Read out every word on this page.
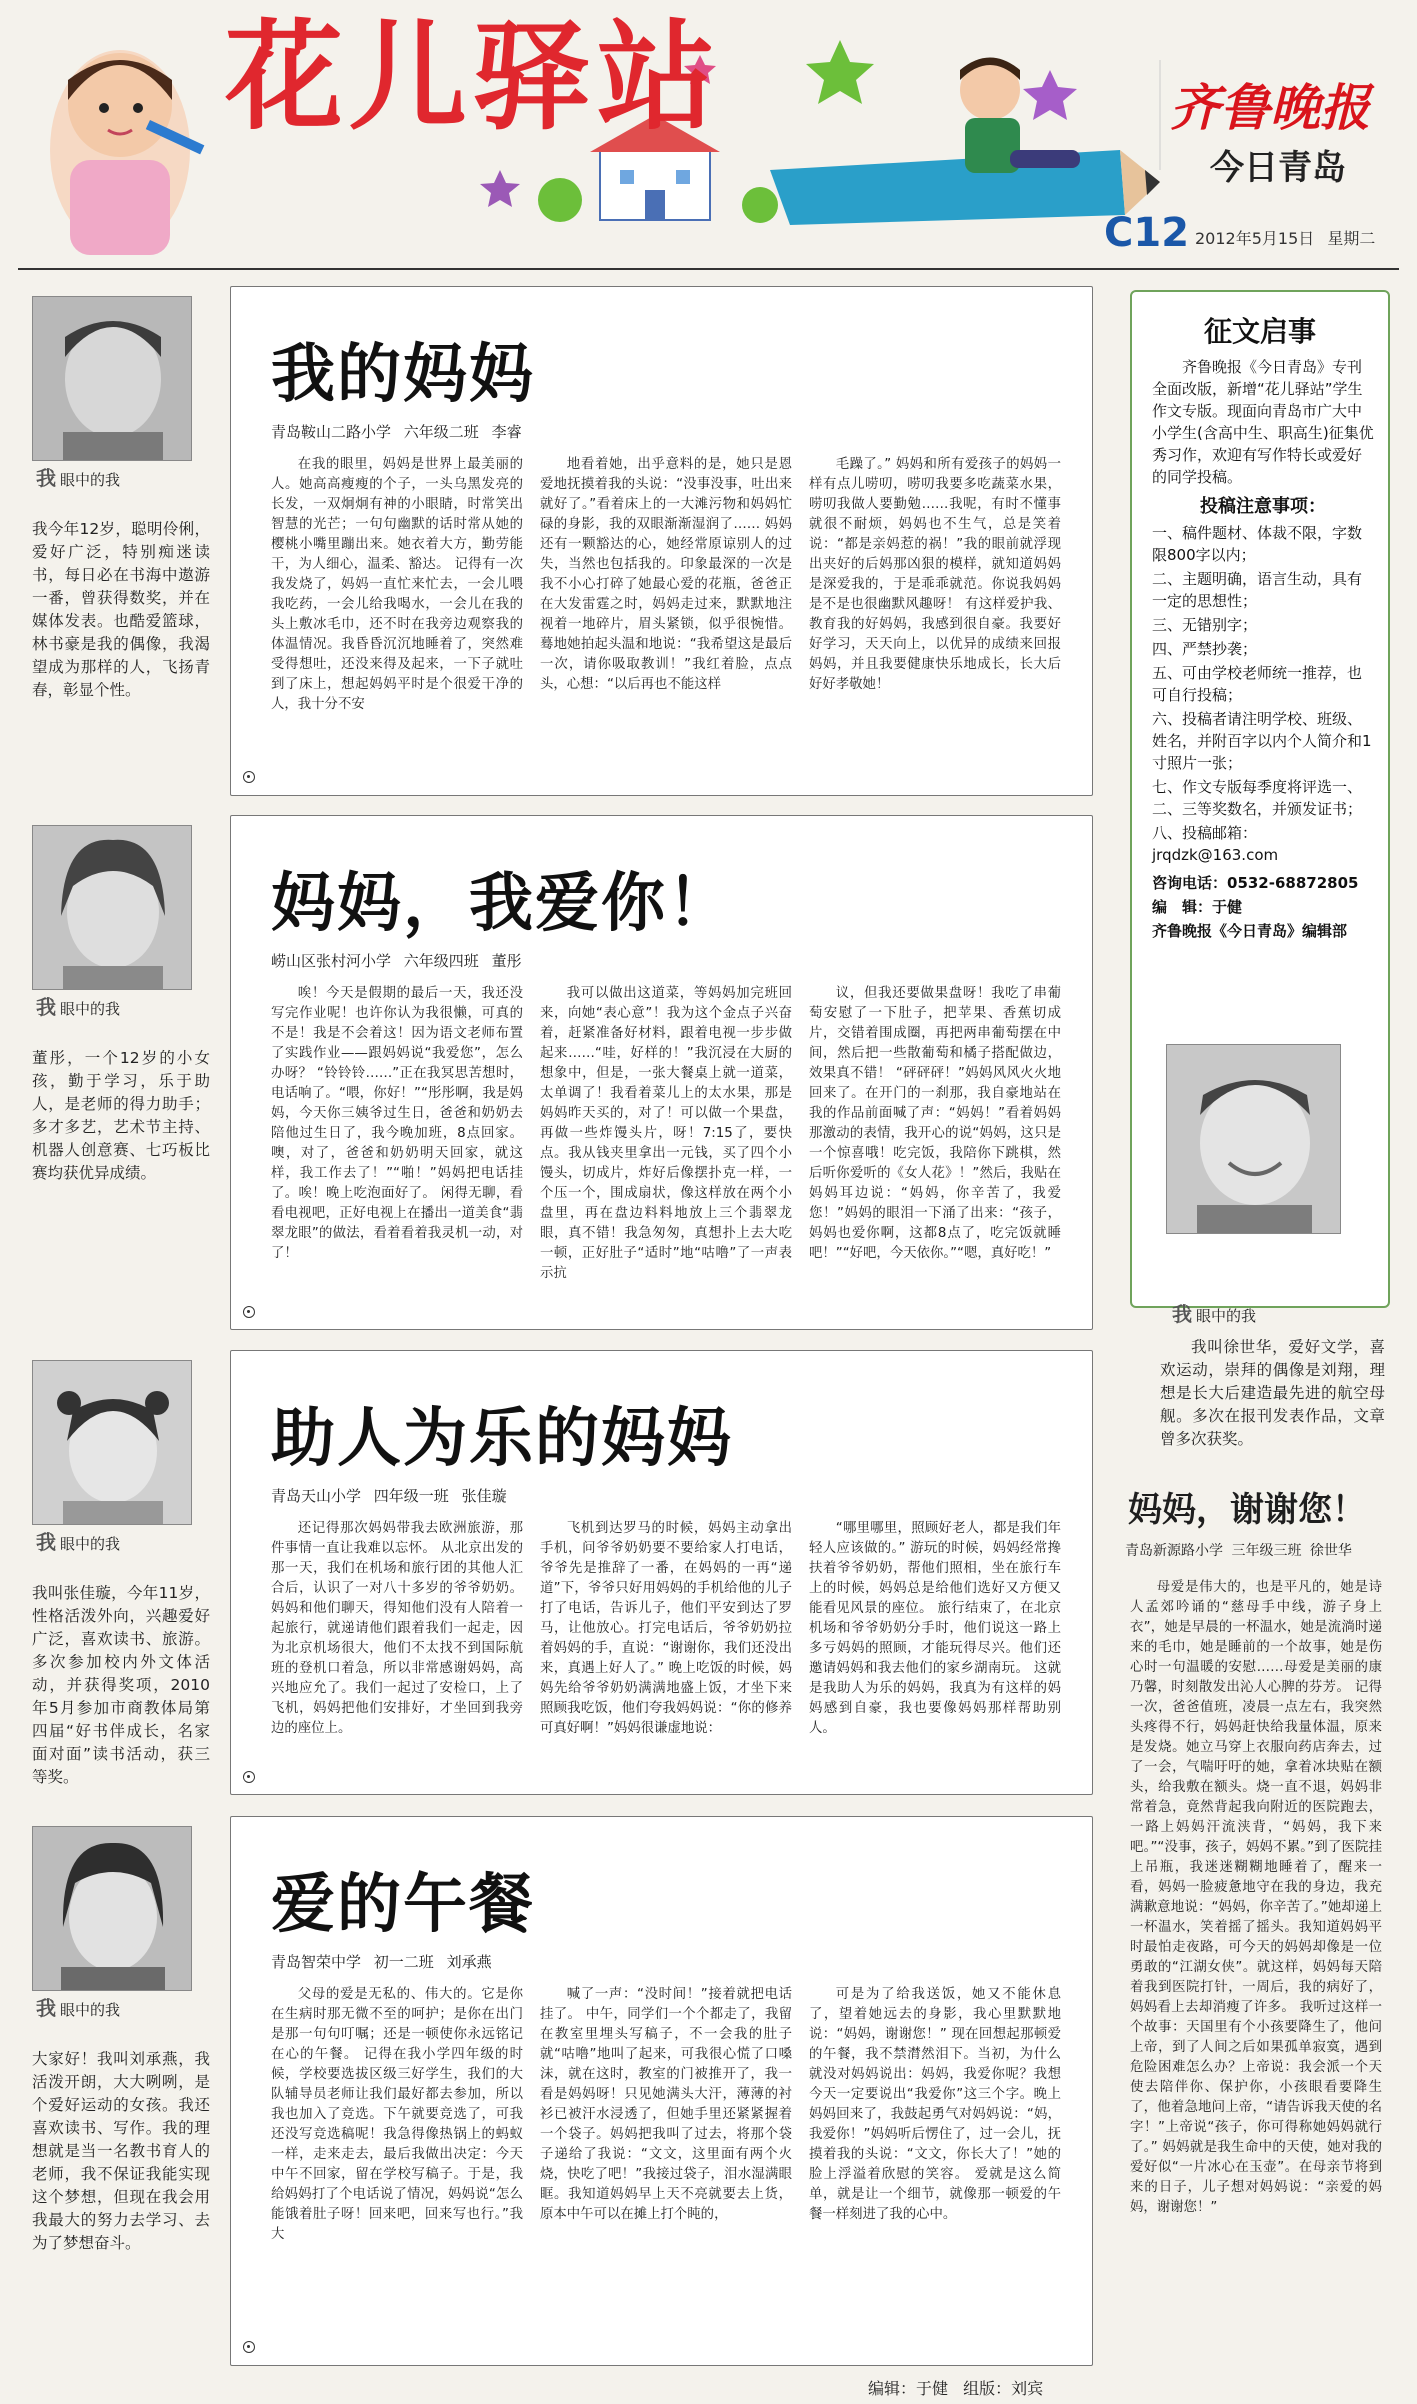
花儿驿站	齐鲁晚报
今日青岛
C12 2012年5月15日 星期二
我 眼中的我
我今年12岁，聪明伶俐，爱好广泛，特别痴迷读书，每日必在书海中遨游一番，曾获得数奖，并在媒体发表。也酷爱篮球，林书豪是我的偶像，我渴望成为那样的人，飞扬青春，彰显个性。
我的妈妈
青岛鞍山二路小学 六年级二班 李睿
在我的眼里，妈妈是世界上最美丽的人。她高高瘦瘦的个子，一头乌黑发亮的长发，一双炯炯有神的小眼睛，时常笑出智慧的光芒；一句句幽默的话时常从她的樱桃小嘴里蹦出来。她衣着大方，勤劳能干，为人细心，温柔、豁达。 记得有一次我发烧了，妈妈一直忙来忙去，一会儿喂我吃药，一会儿给我喝水，一会儿在我的头上敷冰毛巾，还不时在我旁边观察我的体温情况。我昏昏沉沉地睡着了，突然难受得想吐，还没来得及起来，一下子就吐到了床上，想起妈妈平时是个很爱干净的人，我十分不安
地看着她，出乎意料的是，她只是恩爱地抚摸着我的头说：“没事没事，吐出来就好了。”看着床上的一大滩污物和妈妈忙碌的身影，我的双眼渐渐湿润了…… 妈妈还有一颗豁达的心，她经常原谅别人的过失，当然也包括我的。印象最深的一次是我不小心打碎了她最心爱的花瓶，爸爸正在大发雷霆之时，妈妈走过来，默默地注视着一地碎片，眉头紧锁，似乎很惋惜。蓦地她拍起头温和地说：“我希望这是最后一次，请你吸取教训！”我红着脸，点点头，心想：“以后再也不能这样
毛躁了。” 妈妈和所有爱孩子的妈妈一样有点儿唠叨，唠叨我要多吃蔬菜水果，唠叨我做人要勤勉……我呢，有时不懂事就很不耐烦，妈妈也不生气，总是笑着说：“都是亲妈惹的祸！”我的眼前就浮现出夹好的后妈那凶狠的模样，就知道妈妈是深爱我的，于是乖乖就范。你说我妈妈是不是也很幽默风趣呀！ 有这样爱护我、教育我的好妈妈，我感到很自豪。我要好好学习，天天向上，以优异的成绩来回报妈妈，并且我要健康快乐地成长，长大后好好孝敬她！
我 眼中的我
董彤，一个12岁的小女孩，勤于学习，乐于助人，是老师的得力助手；多才多艺，艺术节主持、机器人创意赛、七巧板比赛均获优异成绩。
妈妈，我爱你！
崂山区张村河小学 六年级四班 董彤
唉！今天是假期的最后一天，我还没写完作业呢！也许你认为我很懒，可真的不是！我是不会着这！因为语文老师布置了实践作业——跟妈妈说“我爱您”，怎么办呀？ “铃铃铃……”正在我冥思苦想时，电话响了。“喂，你好！”“彤彤啊，我是妈妈，今天你三姨爷过生日，爸爸和奶奶去陪他过生日了，我今晚加班，8点回家。噢，对了，爸爸和奶奶明天回家，就这样，我工作去了！”“啪！”妈妈把电话挂了。唉！晚上吃泡面好了。 闲得无聊，看看电视吧，正好电视上在播出一道美食“翡翠龙眼”的做法，看着看着我灵机一动，对了！
我可以做出这道菜，等妈妈加完班回来，向她“表心意”！我为这个金点子兴奋着，赶紧准备好材料，跟着电视一步步做起来……“哇，好样的！”我沉浸在大厨的想象中，但是，一张大餐桌上就一道菜，太单调了！我看着菜儿上的太水果，那是妈妈昨天买的，对了！可以做一个果盘，再做一些炸馒头片，呀！7:15了，要快点。我从钱夹里拿出一元钱，买了四个小馒头，切成片，炸好后像摆扑克一样，一个压一个，围成扇状，像这样放在两个小盘里，再在盘边料料地放上三个翡翠龙眼，真不错！我急匆匆，真想扑上去大吃一顿，正好肚子“适时”地“咕噜”了一声表示抗
议，但我还要做果盘呀！我吃了串葡萄安慰了一下肚子，把苹果、香蕉切成片，交错着围成圈，再把两串葡萄摆在中间，然后把一些散葡萄和橘子搭配做边，效果真不错！ “砰砰砰！”妈妈风风火火地回来了。在开门的一刹那，我自豪地站在我的作品前面喊了声：“妈妈！”看着妈妈那激动的表情，我开心的说“妈妈，这只是一个惊喜哦！吃完饭，我陪你下跳棋，然后听你爱听的《女人花》！”然后，我贴在妈妈耳边说：“妈妈，你辛苦了，我爱您！”妈妈的眼泪一下涌了出来：“孩子，妈妈也爱你啊，这都8点了，吃完饭就睡吧！”“好吧，今天依你。”“嗯，真好吃！”
我 眼中的我
我叫张佳璇，今年11岁，性格活泼外向，兴趣爱好广泛，喜欢读书、旅游。多次参加校内外文体活动，并获得奖项，2010年5月参加市商教体局第四届“好书伴成长，名家面对面”读书活动，获三等奖。
助人为乐的妈妈
青岛天山小学 四年级一班 张佳璇
还记得那次妈妈带我去欧洲旅游，那件事情一直让我难以忘怀。 从北京出发的那一天，我们在机场和旅行团的其他人汇合后，认识了一对八十多岁的爷爷奶奶。妈妈和他们聊天，得知他们没有人陪着一起旅行，就递请他们跟着我们一起走，因为北京机场很大，他们不太找不到国际航班的登机口着急，所以非常感谢妈妈，高兴地应允了。我们一起过了安检口，上了飞机，妈妈把他们安排好，才坐回到我旁边的座位上。
飞机到达罗马的时候，妈妈主动拿出手机，问爷爷奶奶要不要给家人打电话，爷爷先是推辞了一番，在妈妈的一再“递道”下，爷爷只好用妈妈的手机给他的儿子打了电话，告诉儿子，他们平安到达了罗马，让他放心。打完电话后，爷爷奶奶拉着妈妈的手，直说：“谢谢你，我们还没出来，真遇上好人了。” 晚上吃饭的时候，妈妈先给爷爷奶奶满满地盛上饭，才坐下来照顾我吃饭，他们夸我妈妈说：“你的修养可真好啊！”妈妈很谦虚地说：
“哪里哪里，照顾好老人，都是我们年轻人应该做的。” 游玩的时候，妈妈经常搀扶着爷爷奶奶，帮他们照相，坐在旅行车上的时候，妈妈总是给他们选好又方便又能看见风景的座位。 旅行结束了，在北京机场和爷爷奶奶分手时，他们说这一路上多亏妈妈的照顾，才能玩得尽兴。他们还邀请妈妈和我去他们的家乡湖南玩。 这就是我助人为乐的妈妈，我真为有这样的妈妈感到自豪，我也要像妈妈那样帮助别人。
我 眼中的我
大家好！我叫刘承燕，我活泼开朗，大大咧咧，是个爱好运动的女孩。我还喜欢读书、写作。我的理想就是当一名教书育人的老师，我不保证我能实现这个梦想，但现在我会用我最大的努力去学习、去为了梦想奋斗。
爱的午餐
青岛智荣中学 初一二班 刘承燕
父母的爱是无私的、伟大的。它是你在生病时那无微不至的呵护；是你在出门是那一句句叮嘱；还是一顿使你永远铭记在心的午餐。 记得在我小学四年级的时候，学校要选拔区级三好学生，我们的大队辅导员老师让我们最好都去参加，所以我也加入了竞选。下午就要竞选了，可我还没写竞选稿呢！我急得像热锅上的蚂蚁一样，走来走去，最后我做出决定：今天中午不回家，留在学校写稿子。于是，我给妈妈打了个电话说了情况，妈妈说“怎么能饿着肚子呀！回来吧，回来写也行。”我大
喊了一声：“没时间！”接着就把电话挂了。 中午，同学们一个个都走了，我留在教室里埋头写稿子，不一会我的肚子就“咕噜”地叫了起来，可我很心慌了口嗓沫，就在这时，教室的门被推开了，我一看是妈妈呀！只见她满头大汗，薄薄的衬衫已被汗水浸透了，但她手里还紧紧握着一个袋子。妈妈把我叫了过去，将那个袋子递给了我说：“文文，这里面有两个火烧，快吃了吧！”我接过袋子，泪水湿满眼眶。我知道妈妈早上天不亮就要去上货，原本中午可以在摊上打个盹的，
可是为了给我送饭，她又不能休息了，望着她远去的身影，我心里默默地说：“妈妈，谢谢您！” 现在回想起那顿爱的午餐，我不禁潸然泪下。当初，为什么就没对妈妈说出：妈妈，我爱你呢？我想今天一定要说出“我爱你”这三个字。晚上妈妈回来了，我鼓起勇气对妈妈说：“妈，我爱你！”妈妈听后愣住了，过一会儿，抚摸着我的头说：“文文，你长大了！”她的脸上浮溢着欣慰的笑容。 爱就是这么简单，就是让一个细节，就像那一顿爱的午餐一样刻进了我的心中。
征文启事

齐鲁晚报《今日青岛》专刊全面改版，新增“花儿驿站”学生作文专版。现面向青岛市广大中小学生(含高中生、职高生)征集优秀习作，欢迎有写作特长或爱好的同学投稿。

投稿注意事项：

一、稿件题材、体裁不限，字数限800字以内；

二、主题明确，语言生动，具有一定的思想性；

三、无错别字；

四、严禁抄袭；

五、可由学校老师统一推荐，也可自行投稿；

六、投稿者请注明学校、班级、姓名，并附百字以内个人简介和1寸照片一张；

七、作文专版每季度将评选一、二、三等奖数名，并颁发证书；

八、投稿邮箱：jrqdzk@163.com

咨询电话：0532-68872805

编　辑：于健

齐鲁晚报《今日青岛》编辑部

我 眼中的我
我叫徐世华，爱好文学，喜欢运动，崇拜的偶像是刘翔，理想是长大后建造最先进的航空母舰。多次在报刊发表作品，文章曾多次获奖。
妈妈，谢谢您！
青岛新源路小学 三年级三班 徐世华
母爱是伟大的，也是平凡的，她是诗人孟郊吟诵的“慈母手中线，游子身上衣”，她是早晨的一杯温水，她是流淌时递来的毛巾，她是睡前的一个故事，她是伤心时一句温暖的安慰……母爱是美丽的康乃馨，时刻散发出沁人心脾的芬芳。 记得一次，爸爸值班，凌晨一点左右，我突然头疼得不行，妈妈赶快给我量体温，原来是发烧。她立马穿上衣服向药店奔去，过了一会，气喘吁吁的她，拿着冰块贴在额头，给我敷在额头。烧一直不退，妈妈非常着急，竟然背起我向附近的医院跑去，一路上妈妈汗流浃背，“妈妈，我下来吧。”“没事，孩子，妈妈不累。”到了医院挂上吊瓶，我迷迷糊糊地睡着了，醒来一看，妈妈一脸疲惫地守在我的身边，我充满歉意地说：“妈妈，你辛苦了。”她却递上一杯温水，笑着摇了摇头。我知道妈妈平时最怕走夜路，可今天的妈妈却像是一位勇敢的“江湖女侠”。就这样，妈妈每天陪着我到医院打针，一周后，我的病好了，妈妈看上去却消瘦了许多。 我听过这样一个故事：天国里有个小孩要降生了，他问上帝，到了人间之后如果孤单寂寞，遇到危险困难怎么办？上帝说：我会派一个天使去陪伴你、保护你，小孩眼看要降生了，他着急地问上帝，“请告诉我天使的名字！”上帝说“孩子，你可得称她妈妈就行了。” 妈妈就是我生命中的天使，她对我的爱好似“一片冰心在玉壶”。在母亲节将到来的日子，儿子想对妈妈说：“亲爱的妈妈，谢谢您！”
编辑：于健 组版：刘宾
